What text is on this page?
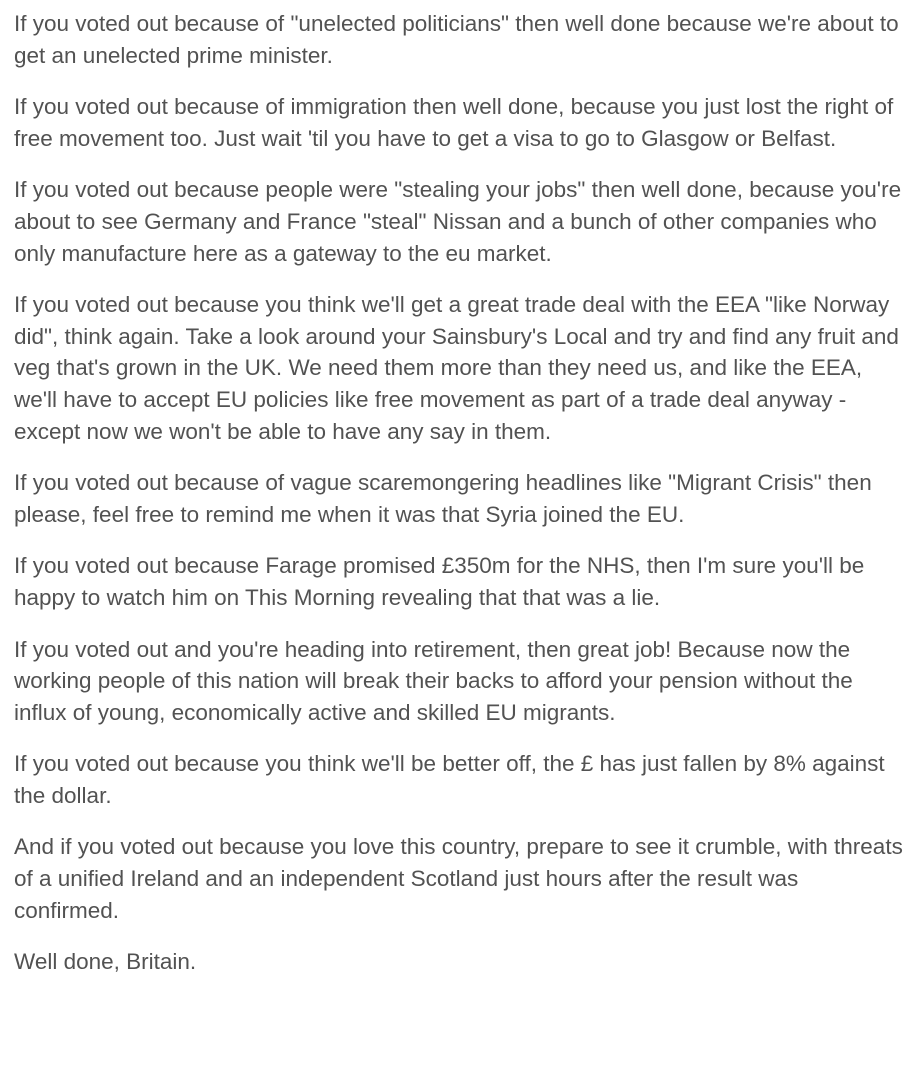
If you voted out because of "unelected politicians" then well done because we're about to get an unelected prime minister.

If you voted out because of immigration then well done, because you just lost the right of free movement too. Just wait 'til you have to get a visa to go to Glasgow or Belfast.

If you voted out because people were "stealing your jobs" then well done, because you're about to see Germany and France "steal" Nissan and a bunch of other companies who only manufacture here as a gateway to the eu market.

If you voted out because you think we'll get a great trade deal with the EEA "like Norway did", think again. Take a look around your Sainsbury's Local and try and find any fruit and veg that's grown in the UK. We need them more than they need us, and like the EEA, we'll have to accept EU policies like free movement as part of a trade deal anyway - except now we won't be able to have any say in them.

If you voted out because of vague scaremongering headlines like "Migrant Crisis" then please, feel free to remind me when it was that Syria joined the EU.

If you voted out because Farage promised £350m for the NHS, then I'm sure you'll be happy to watch him on This Morning revealing that that was a lie.

If you voted out and you're heading into retirement, then great job! Because now the working people of this nation will break their backs to afford your pension without the influx of young, economically active and skilled EU migrants.

If you voted out because you think we'll be better off, the £ has just fallen by 8% against the dollar.

And if you voted out because you love this country, prepare to see it crumble, with threats of a unified Ireland and an independent Scotland just hours after the result was confirmed.

Well done, Britain.
